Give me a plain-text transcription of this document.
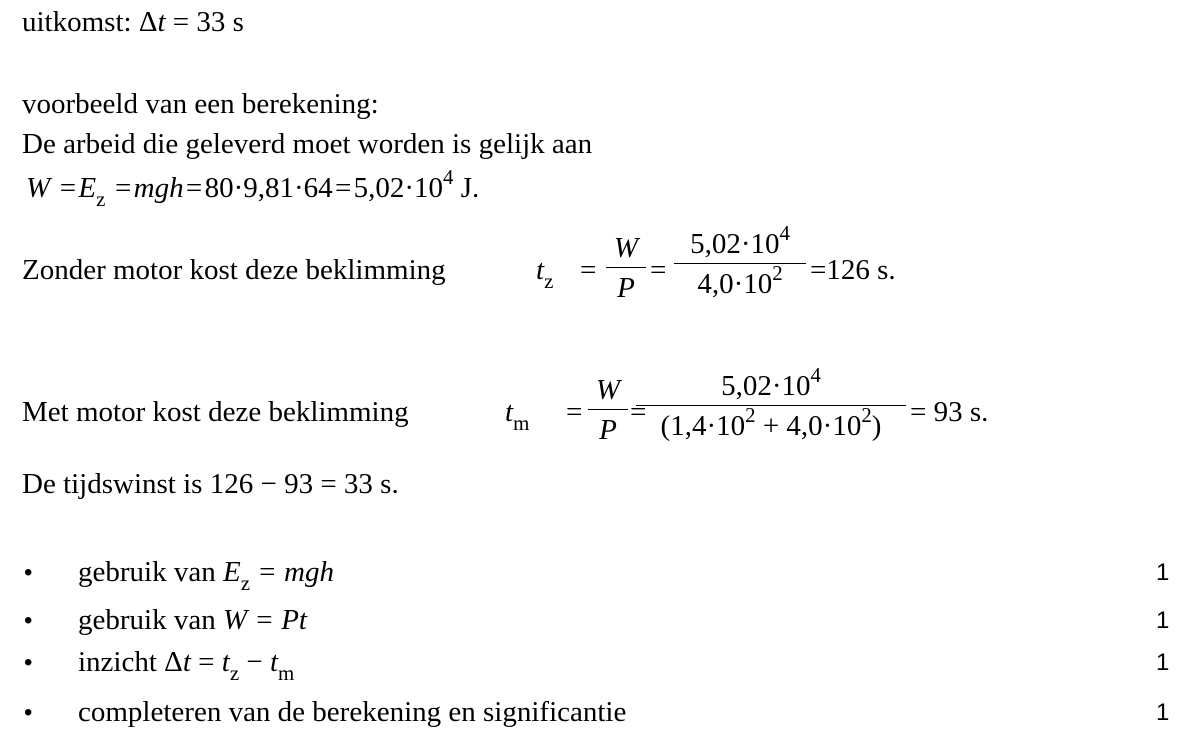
uitkomst: Δt = 33 s
voorbeeld van een berekening:
De arbeid die geleverd moet worden is gelijk aan
$W =E_z =mgh=80\cdot 9,81\cdot 64=5,02\cdot 10^4$ J.
Zonder motor kost deze beklimming	$t_z$ =
W
P
=
$5,02\cdot 10^4$
$4,0\cdot 10^2 =126$ s.
Met motor kost deze beklimming	$t_m$ =
W
P
=
$5,02\cdot 10^4$
$(1,4\cdot 10^2 + 4,0\cdot 10^2) = 93$ s.
De tijdswinst is 126 − 93 = 33 s.
• gebruik van $E_z$ = mgh	1
• gebruik van W = Pt	1
• inzicht $\Delta t = t_z - t_m$	1
• completeren van de berekening en significantie	1
